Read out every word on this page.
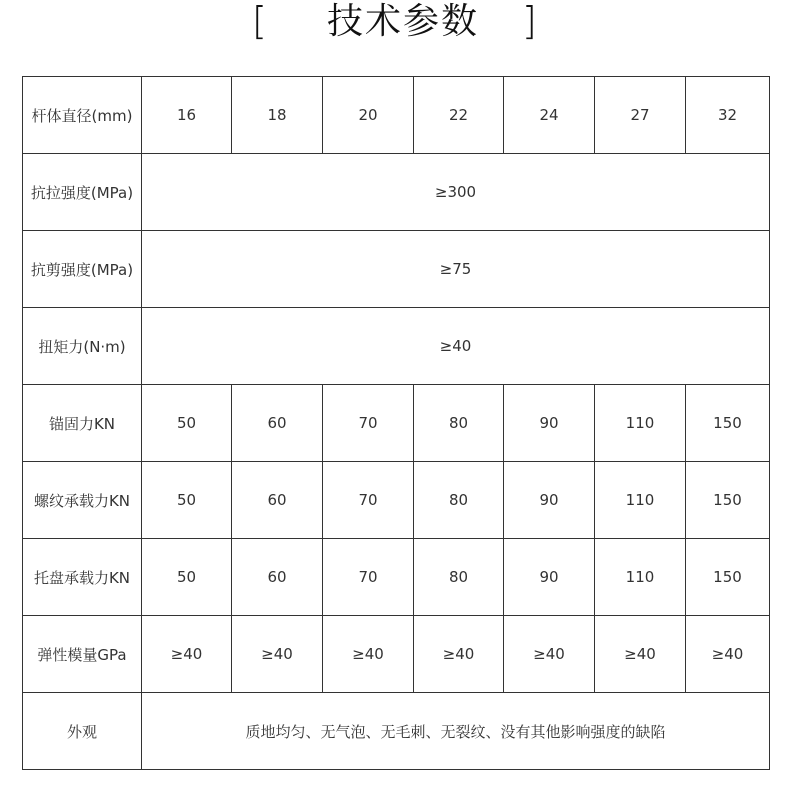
[ 技术参数 ]
杆体直径(mm)	16	18	20	22	24	27	32
抗拉强度(MPa)	≥300						
抗剪强度(MPa)	≥75						
扭矩力(N·m)	≥40						
锚固力KN	50	60	70	80	90	110	150
螺纹承载力KN	50	60	70	80	90	110	150
托盘承载力KN	50	60	70	80	90	110	150
弹性模量GPa	≥40	≥40	≥40	≥40	≥40	≥40	≥40
外观	质地均匀、无气泡、无毛刺、无裂纹、没有其他影响强度的缺陷						
